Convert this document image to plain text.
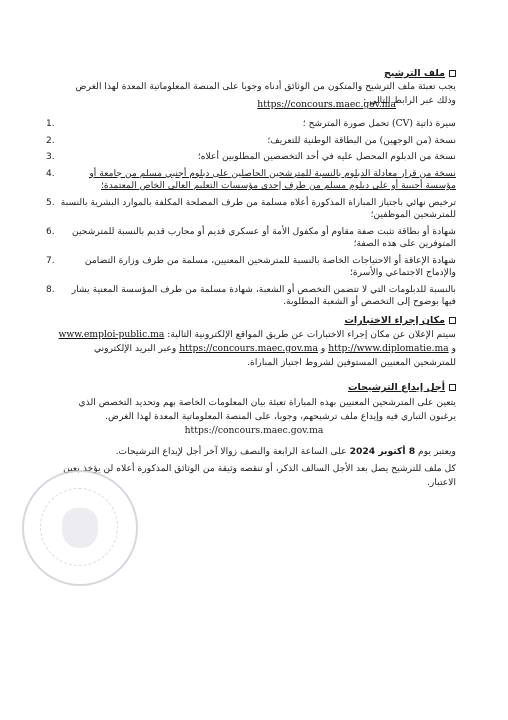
ملف الترشيح
يجب تعبئة ملف الترشيح والمتكون من الوثائق أدناه وجوبا على المنصة المعلوماتية المعدة لهذا الغرض وذلك عبر الرابط التالي :
https://concours.maec.gov.ma
1.	سيرة ذاتية (CV) تحمل صورة المترشح ؛
2.	نسخة (من الوجهين) من البطاقة الوطنية للتعريف؛
3.	نسخة من الدبلوم المحصل عليه في أحد التخصصين المطلوبين أعلاه؛
4.	نسخة من قرار معادلة الدبلوم بالنسبة للمترشحين الحاصلين على دبلوم أجنبي مسلم من جامعة أو مؤسسة أجنبية أو على دبلوم مسلم من طرف إحدى مؤسسات التعليم العالي الخاص المعتمدة؛
5. ترخيص نهائي باجتياز المباراة المذكورة أعلاه مسلمة من طرف المصلحة المكلفة بالموارد البشرية بالنسبة للمترشحين الموظفين؛
6. شهادة أو بطاقة تثبت صفة مقاوم أو مكفول الأمة أو عسكري قديم أو محارب قديم بالنسبة للمترشحين المتوفرين على هذه الصفة؛
7.	شهادة الإعاقة أو الاحتياجات الخاصة بالنسبة للمترشحين المعنيين، مسلمة من طرف وزارة التضامن والإدماج الاجتماعي والأسرة؛
8. بالنسبة للدبلومات التي لا تتضمن التخصص أو الشعبة، شهادة مسلمة من طرف المؤسسة المعنية يشار فيها بوضوح إلى التخصص أو الشعبة المطلوبة.
مكان إجراء الاختبارات
سيتم الإعلان عن مكان إجراء الاختبارات عن طريق المواقع الإلكترونية التالية: www.emploi-public.ma و http://www.diplomatie.ma و https://concours.maec.gov.ma وعبر البريد الإلكتروني للمترشحين المعنيين المستوفين لشروط اجتياز المباراة.
أجل إيداع الترشيحات
يتعين على المترشحين المعنيين بهذه المباراة تعبئة بيان المعلومات الخاصة بهم وتحديد التخصص الذي يرغبون التباري فيه وإيداع ملف ترشيحهم، وجوبا، على المنصة المعلوماتية المعدة لهذا الغرض.
https://concours.maec.gov.ma
ويعتبر يوم 8 أكتوبر 2024 على الساعة الرابعة والنصف زوالا آخر أجل لإيداع الترشيحات.
كل ملف للترشيح يصل بعد الأجل السالف الذكر، أو تنقصه وثيقة من الوثائق المذكورة أعلاه لن يؤخذ بعين الاعتبار.
